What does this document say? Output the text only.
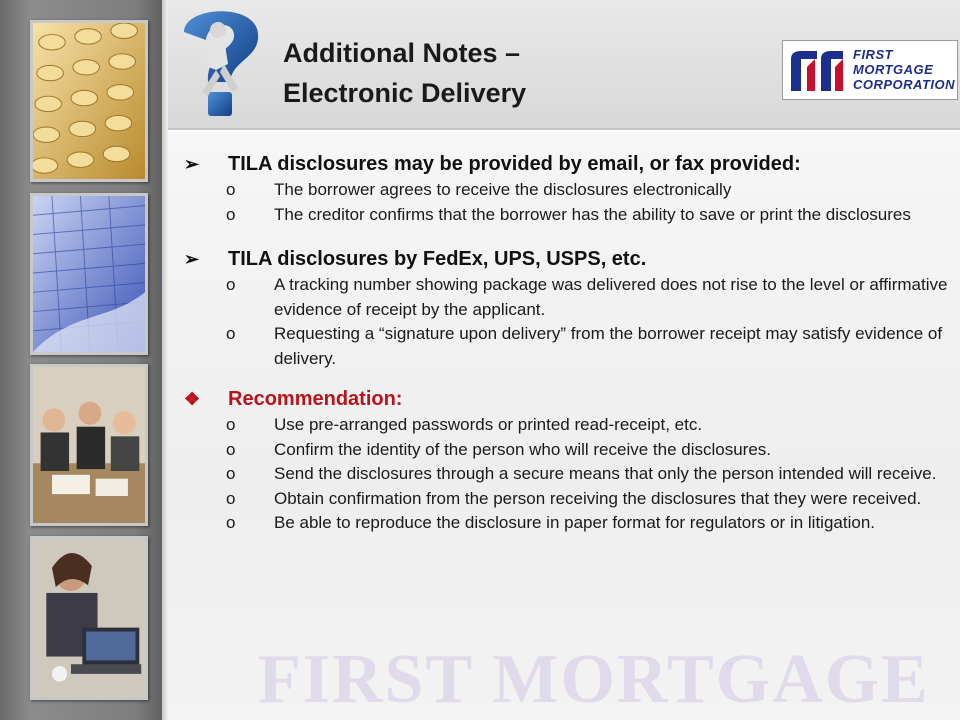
Additional Notes –
Electronic Delivery
FIRST
MORTGAGE
CORPORATION
FIRST MORTGAGE
➢ TILA disclosures may be provided by email, or fax provided:
o The borrower agrees to receive the disclosures electronically
o The creditor confirms that the borrower has the ability to save or print the disclosures
➢ TILA disclosures by FedEx, UPS, USPS, etc.
o A tracking number showing package was delivered does not rise to the level or affirmative evidence of receipt by the applicant.
o Requesting a “signature upon delivery” from the borrower receipt may satisfy evidence of delivery.
❖ Recommendation:
o Use pre-arranged passwords or printed read-receipt, etc.
o Confirm the identity of the person who will receive the disclosures.
o Send the disclosures through a secure means that only the person intended will receive.
o Obtain confirmation from the person receiving the disclosures that they were received.
o Be able to reproduce the disclosure in paper format for regulators or in litigation.
